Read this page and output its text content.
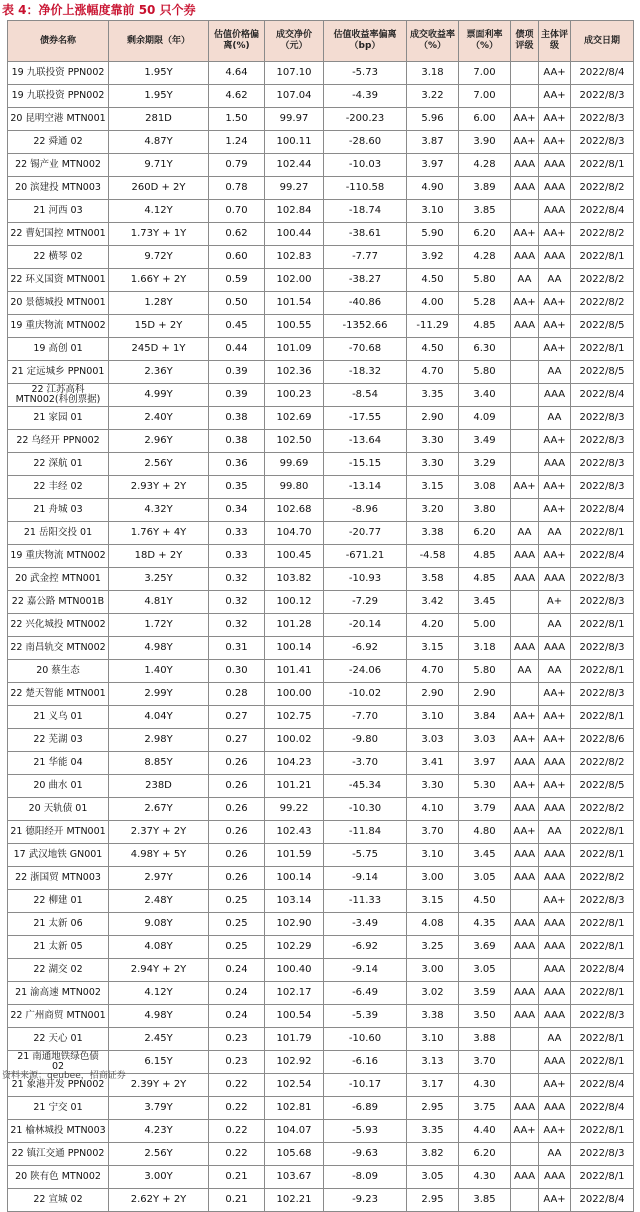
表 4：净价上涨幅度靠前 50 只个券
债券名称	剩余期限（年）	估值价格偏离(%)	成交净价（元）	估值收益率偏离（bp）	成交收益率（%）	票面利率（%）	债项评级	主体评级	成交日期
19 九联投资 PPN002	1.95Y	4.64	107.10	-5.73	3.18	7.00		AA+	2022/8/4
19 九联投资 PPN002	1.95Y	4.62	107.04	-4.39	3.22	7.00		AA+	2022/8/3
20 昆明空港 MTN001	281D	1.50	99.97	-200.23	5.96	6.00	AA+	AA+	2022/8/3
22 舜通 02	4.87Y	1.24	100.11	-28.60	3.87	3.90	AA+	AA+	2022/8/3
22 锡产业 MTN002	9.71Y	0.79	102.44	-10.03	3.97	4.28	AAA	AAA	2022/8/1
20 滨建投 MTN003	260D + 2Y	0.78	99.27	-110.58	4.90	3.89	AAA	AAA	2022/8/2
21 河西 03	4.12Y	0.70	102.84	-18.74	3.10	3.85		AAA	2022/8/4
22 曹妃国控 MTN001	1.73Y + 1Y	0.62	100.44	-38.61	5.90	6.20	AA+	AA+	2022/8/2
22 横琴 02	9.72Y	0.60	102.83	-7.77	3.92	4.28	AAA	AAA	2022/8/1
22 环义国资 MTN001	1.66Y + 2Y	0.59	102.00	-38.27	4.50	5.80	AA	AA	2022/8/2
20 景德城投 MTN001	1.28Y	0.50	101.54	-40.86	4.00	5.28	AA+	AA+	2022/8/2
19 重庆物流 MTN002	15D + 2Y	0.45	100.55	-1352.66	-11.29	4.85	AAA	AA+	2022/8/5
19 高创 01	245D + 1Y	0.44	101.09	-70.68	4.50	6.30		AA+	2022/8/1
21 定远城乡 PPN001	2.36Y	0.39	102.36	-18.32	4.70	5.80		AA	2022/8/5
22 江苏高科 MTN002(科创票据)	4.99Y	0.39	100.23	-8.54	3.35	3.40		AAA	2022/8/4
21 家园 01	2.40Y	0.38	102.69	-17.55	2.90	4.09		AA	2022/8/3
22 乌经开 PPN002	2.96Y	0.38	102.50	-13.64	3.30	3.49		AA+	2022/8/3
22 深航 01	2.56Y	0.36	99.69	-15.15	3.30	3.29		AAA	2022/8/3
22 丰经 02	2.93Y + 2Y	0.35	99.80	-13.14	3.15	3.08	AA+	AA+	2022/8/3
21 舟城 03	4.32Y	0.34	102.68	-8.96	3.20	3.80		AA+	2022/8/4
21 岳阳交投 01	1.76Y + 4Y	0.33	104.70	-20.77	3.38	6.20	AA	AA	2022/8/1
19 重庆物流 MTN002	18D + 2Y	0.33	100.45	-671.21	-4.58	4.85	AAA	AA+	2022/8/4
20 武金控 MTN001	3.25Y	0.32	103.82	-10.93	3.58	4.85	AAA	AAA	2022/8/3
22 嘉公路 MTN001B	4.81Y	0.32	100.12	-7.29	3.42	3.45		A+	2022/8/3
22 兴化城投 MTN002	1.72Y	0.32	101.28	-20.14	4.20	5.00		AA	2022/8/1
22 南昌轨交 MTN002	4.98Y	0.31	100.14	-6.92	3.15	3.18	AAA	AAA	2022/8/3
20 蔡生态	1.40Y	0.30	101.41	-24.06	4.70	5.80	AA	AA	2022/8/1
22 楚天智能 MTN001	2.99Y	0.28	100.00	-10.02	2.90	2.90		AA+	2022/8/3
21 义乌 01	4.04Y	0.27	102.75	-7.70	3.10	3.84	AA+	AA+	2022/8/1
22 芜湖 03	2.98Y	0.27	100.02	-9.80	3.03	3.03	AA+	AA+	2022/8/6
21 华能 04	8.85Y	0.26	104.23	-3.70	3.41	3.97	AAA	AAA	2022/8/2
20 曲水 01	238D	0.26	101.21	-45.34	3.30	5.30	AA+	AA+	2022/8/5
20 天轨债 01	2.67Y	0.26	99.22	-10.30	4.10	3.79	AAA	AAA	2022/8/2
21 德阳经开 MTN001	2.37Y + 2Y	0.26	102.43	-11.84	3.70	4.80	AA+	AA	2022/8/1
17 武汉地铁 GN001	4.98Y + 5Y	0.26	101.59	-5.75	3.10	3.45	AAA	AAA	2022/8/1
22 浙国贸 MTN003	2.97Y	0.26	100.14	-9.14	3.00	3.05	AAA	AAA	2022/8/2
22 柳建 01	2.48Y	0.25	103.14	-11.33	3.15	4.50		AA+	2022/8/3
21 太新 06	9.08Y	0.25	102.90	-3.49	4.08	4.35	AAA	AAA	2022/8/1
21 太新 05	4.08Y	0.25	102.29	-6.92	3.25	3.69	AAA	AAA	2022/8/1
22 湖交 02	2.94Y + 2Y	0.24	100.40	-9.14	3.00	3.05		AAA	2022/8/4
21 渝高速 MTN002	4.12Y	0.24	102.17	-6.49	3.02	3.59	AAA	AAA	2022/8/1
22 广州商贸 MTN001	4.98Y	0.24	100.54	-5.39	3.38	3.50	AAA	AAA	2022/8/3
22 天心 01	2.45Y	0.23	101.79	-10.60	3.10	3.88		AA	2022/8/1
21 南通地铁绿色债 02	6.15Y	0.23	102.92	-6.16	3.13	3.70		AAA	2022/8/1
21 象港开发 PPN002	2.39Y + 2Y	0.22	102.54	-10.17	3.17	4.30		AA+	2022/8/4
21 宁交 01	3.79Y	0.22	102.81	-6.89	2.95	3.75	AAA	AAA	2022/8/4
21 榆林城投 MTN003	4.23Y	0.22	104.07	-5.93	3.35	4.40	AA+	AA+	2022/8/1
22 镇江交通 PPN002	2.56Y	0.22	105.68	-9.63	3.82	6.20		AA	2022/8/3
20 陕有色 MTN002	3.00Y	0.21	103.67	-8.09	3.05	4.30	AAA	AAA	2022/8/1
22 宣城 02	2.62Y + 2Y	0.21	102.21	-9.23	2.95	3.85		AA+	2022/8/4
资料来源：qeubee，招商证券
